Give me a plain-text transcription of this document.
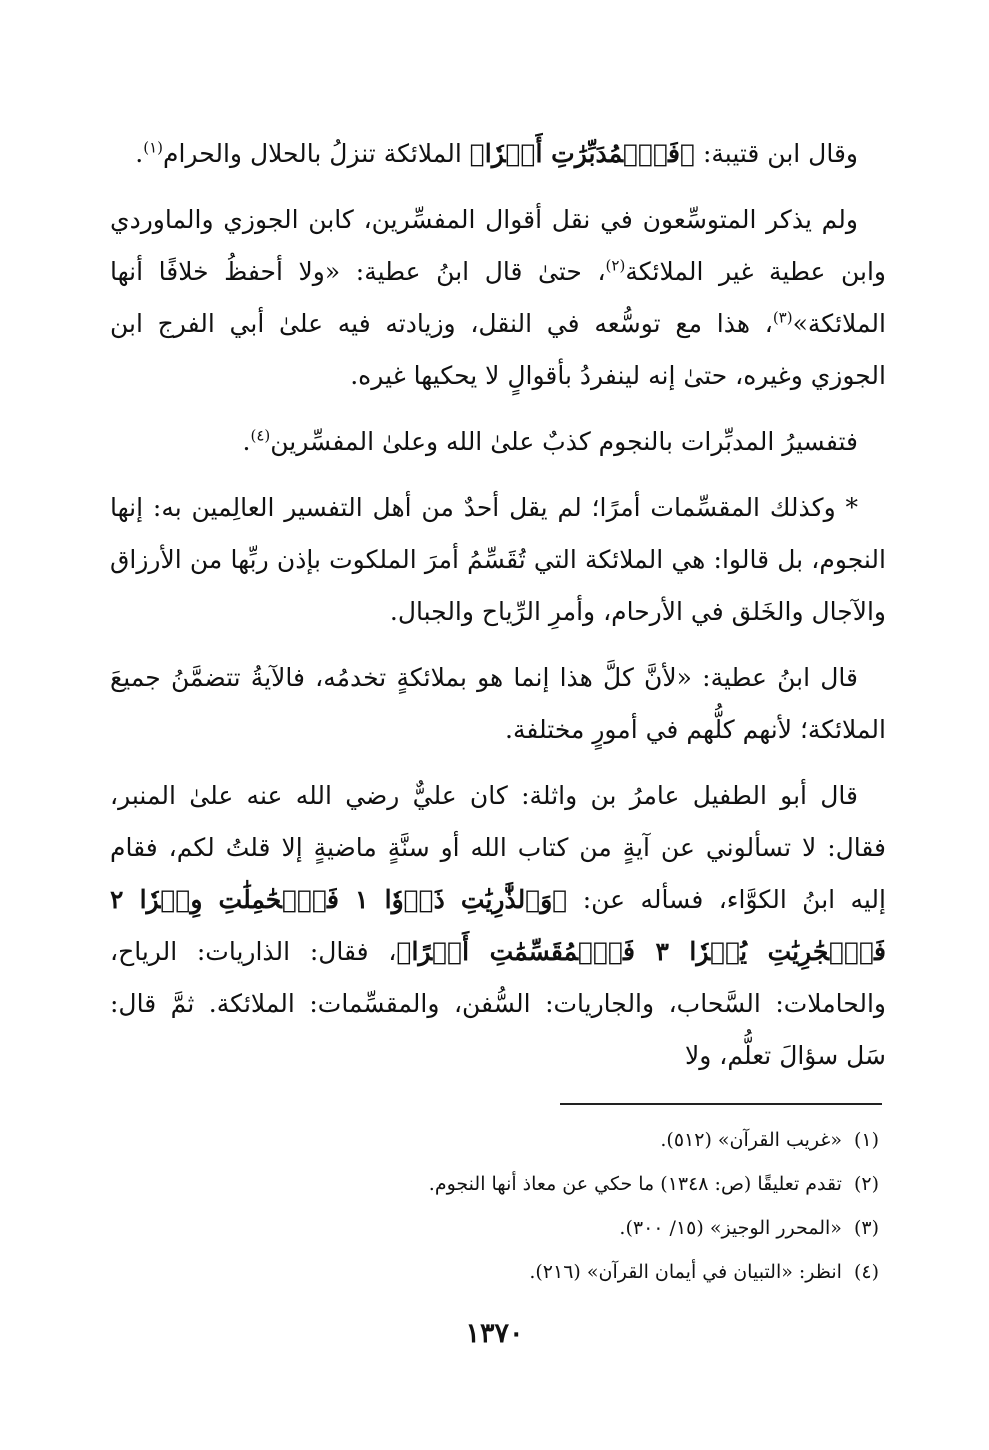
وقال ابن قتيبة: ﴿فَٱلۡمُدَبِّرَٰتِ أَمۡرٗا﴾ الملائكة تنزلُ بالحلال والحرام$^{(١)}$.

ولم يذكر المتوسِّعون في نقل أقوال المفسِّرين، كابن الجوزي والماوردي وابن عطية غير الملائكة$^{(٢)}$، حتىٰ قال ابنُ عطية: «ولا أحفظُ خلافًا أنها الملائكة»$^{(٣)}$، هذا مع توسُّعه في النقل، وزيادته فيه علىٰ أبي الفرج ابن الجوزي وغيره، حتىٰ إنه لينفردُ بأقوالٍ لا يحكيها غيره.

فتفسيرُ المدبِّرات بالنجوم كذبٌ علىٰ الله وعلىٰ المفسِّرين$^{(٤)}$.

* وكذلك المقسِّمات أمرًا؛ لم يقل أحدٌ من أهل التفسير العالِمين به: إنها النجوم، بل قالوا: هي الملائكة التي تُقَسِّمُ أمرَ الملكوت بإذن ربِّها من الأرزاق والآجال والخَلق في الأرحام، وأمرِ الرِّياح والجبال.

قال ابنُ عطية: «لأنَّ كلَّ هذا إنما هو بملائكةٍ تخدمُه، فالآيةُ تتضمَّنُ جميعَ الملائكة؛ لأنهم كلُّهم في أمورٍ مختلفة.

قال أبو الطفيل عامرُ بن واثلة: كان عليٌّ رضي الله عنه علىٰ المنبر، فقال: لا تسألوني عن آيةٍ من كتاب الله أو سنَّةٍ ماضيةٍ إلا قلتُ لكم، فقام إليه ابنُ الكوَّاء، فسأله عن: ﴿وَٱلذَّٰرِيَٰتِ ذَرۡوٗا ١ فَٱلۡحَٰمِلَٰتِ وِقۡرٗا ٢ فَٱلۡجَٰرِيَٰتِ يُسۡرٗا ٣ فَٱلۡمُقَسِّمَٰتِ أَمۡرًا﴾، فقال: الذاريات: الرياح، والحاملات: السَّحاب، والجاريات: السُّفن، والمقسِّمات: الملائكة. ثمَّ قال: سَل سؤالَ تعلُّم، ولا

(١)«غريب القرآن» (٥١٢).
(٢)تقدم تعليقًا (ص: ١٣٤٨) ما حكي عن معاذ أنها النجوم.
(٣)«المحرر الوجيز» (١٥/ ٣٠٠).
(٤)انظر: «التبيان في أيمان القرآن» (٢١٦).
١٣٧٠
